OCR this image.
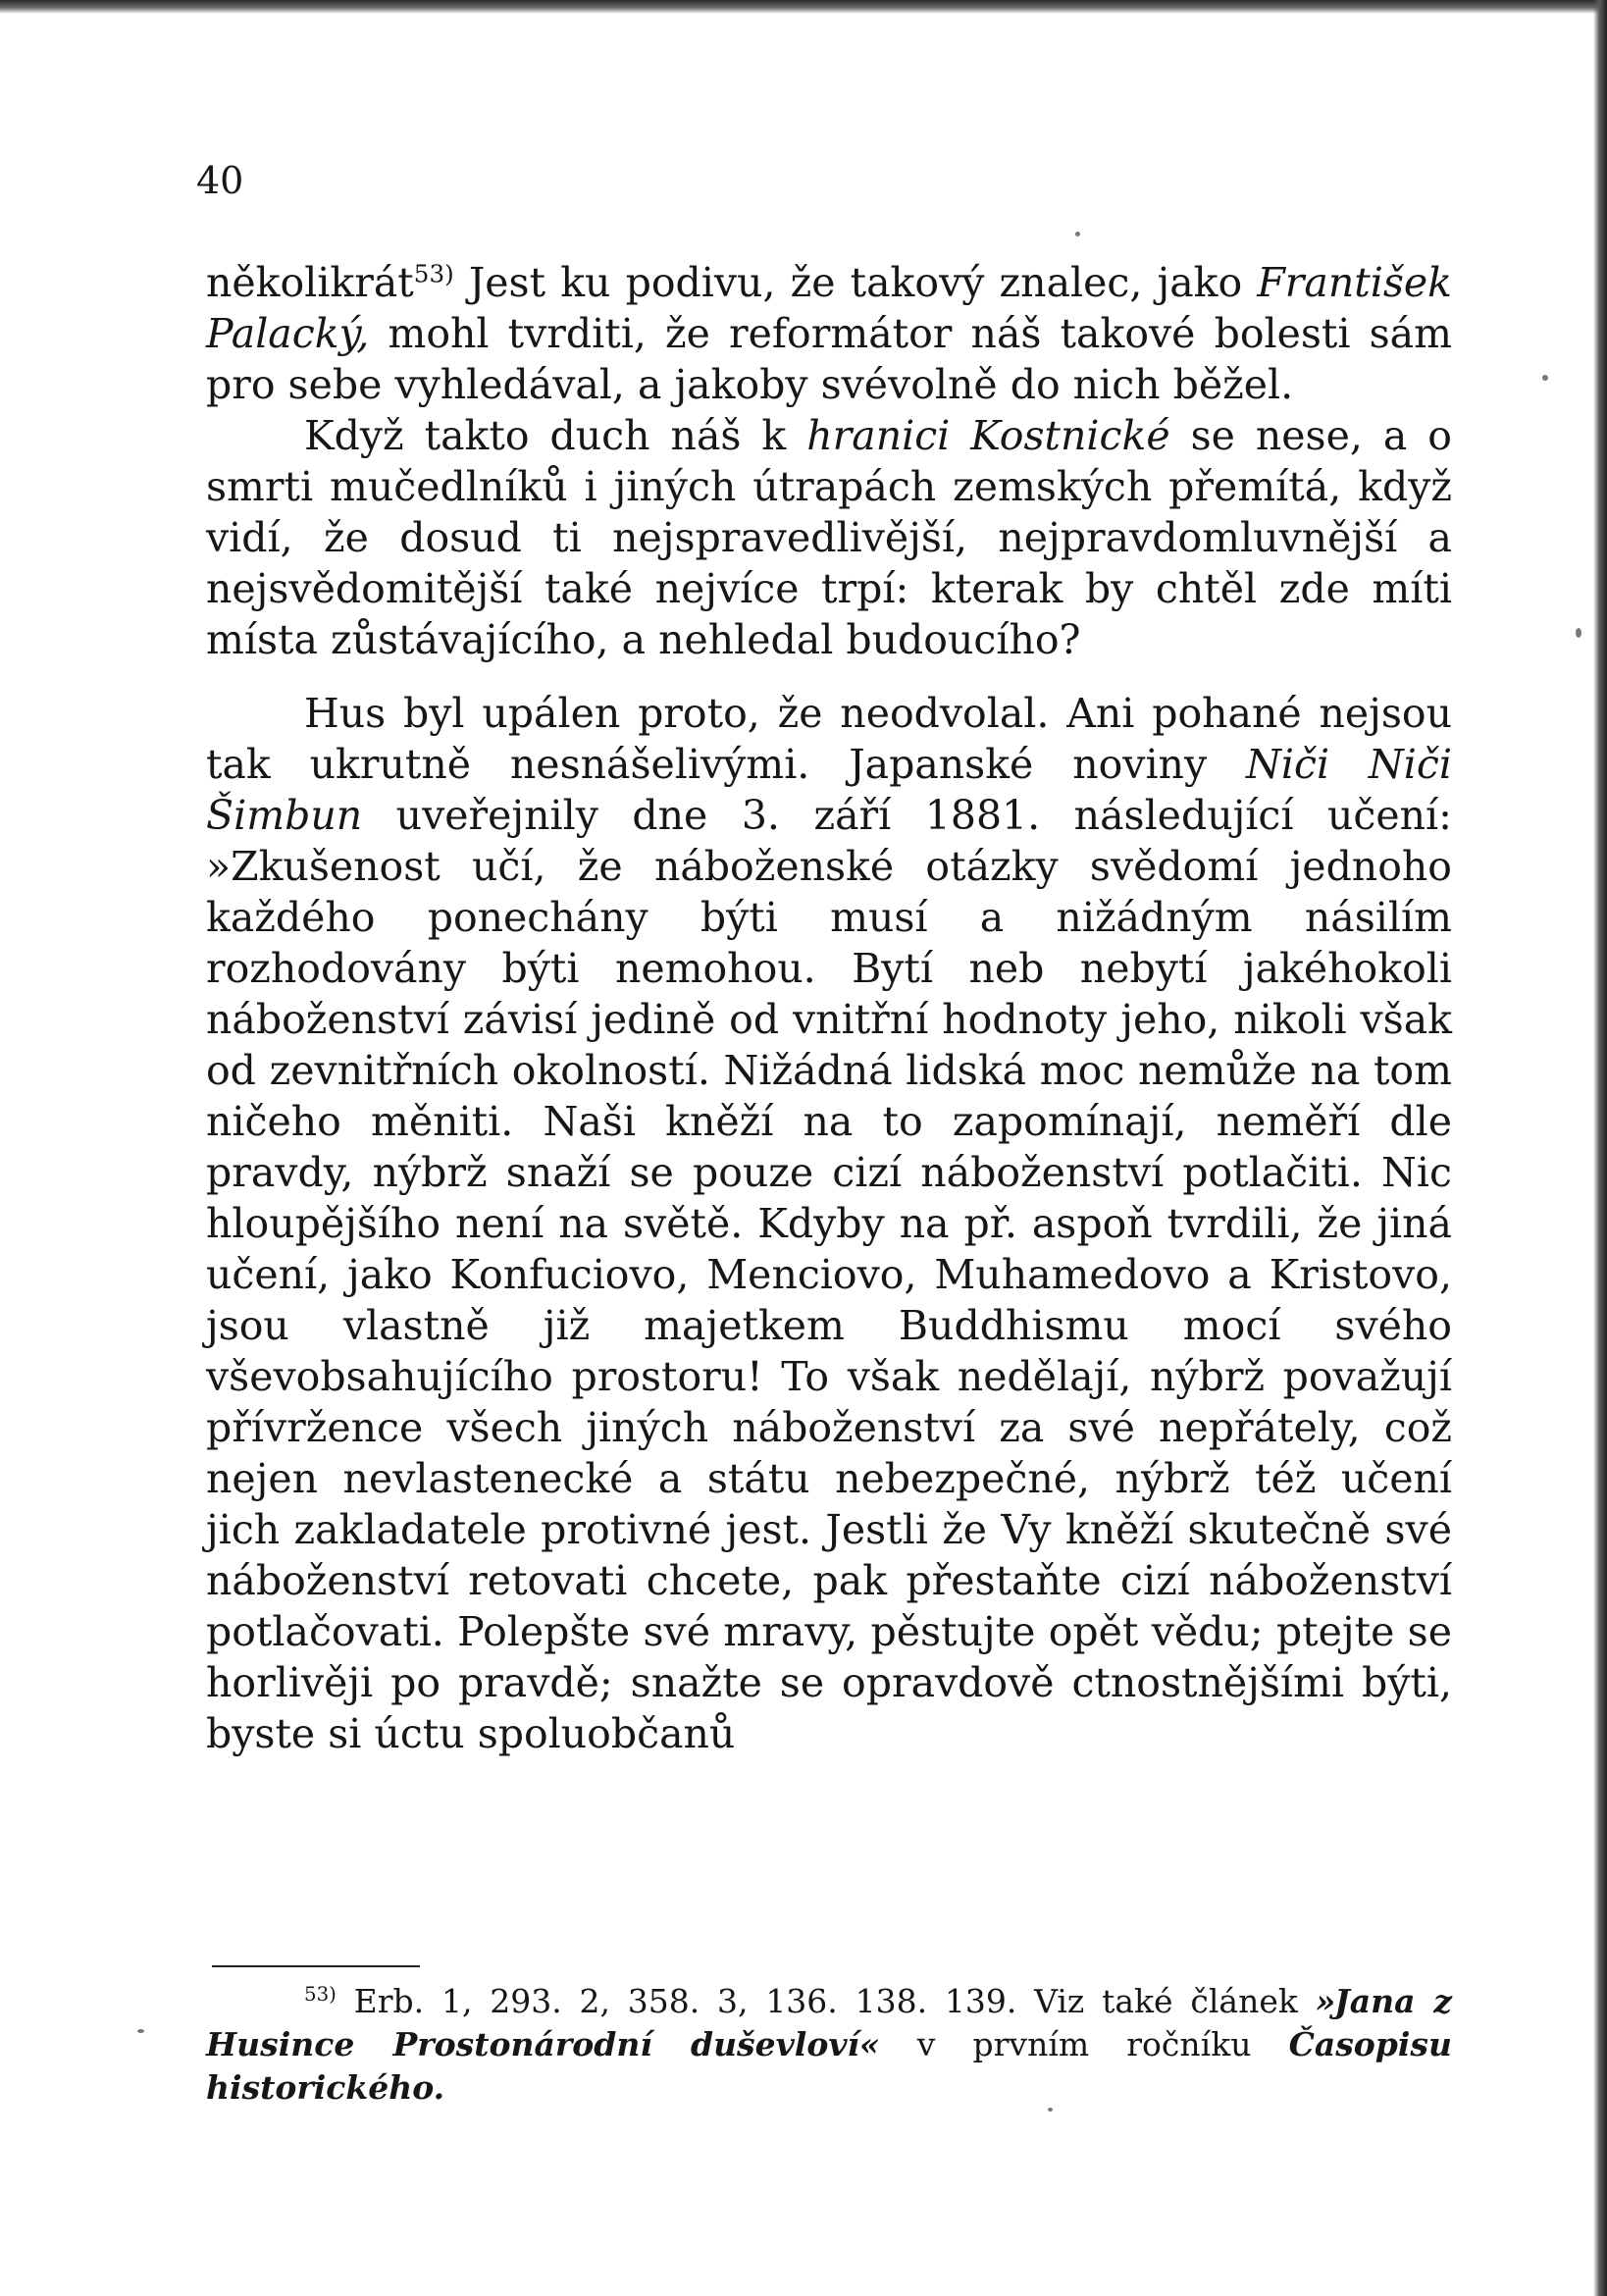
40

několikrát$^{53)}$ Jest ku podivu, že takový znalec, jako František Palacký, mohl tvrditi, že reformátor náš takové bolesti sám pro sebe vyhledával, a jakoby svévolně do nich běžel.

Když takto duch náš k hranici Kostnické se nese, a o smrti mučedlníků i jiných útrapách zemských přemítá, když vidí, že dosud ti nejspravedlivější, nejpravdomluvnější a nejsvědomitější také nejvíce trpí: kterak by chtěl zde míti místa zůstávajícího, a nehledal budoucího?

Hus byl upálen proto, že neodvolal. Ani pohané nejsou tak ukrutně nesnášelivými. Japanské noviny Niči Niči Šimbun uveřejnily dne 3. září 1881. následující učení: »Zkušenost učí, že náboženské otázky svědomí jednoho každého ponechány býti musí a nižádným násilím rozhodovány býti nemohou. Bytí neb nebytí jakéhokoli náboženství závisí jedině od vnitřní hodnoty jeho, nikoli však od zevnitřních okolností. Nižádná lidská moc nemůže na tom ničeho měniti. Naši kněží na to zapomínají, neměří dle pravdy, nýbrž snaží se pouze cizí náboženství potlačiti. Nic hloupějšího není na světě. Kdyby na př. aspoň tvrdili, že jiná učení, jako Konfuciovo, Menciovo, Muhamedovo a Kristovo, jsou vlastně již majetkem Buddhismu mocí svého vševobsahujícího prostoru! To však nedělají, nýbrž považují přívržence všech jiných náboženství za své nepřátely, což nejen nevlastenecké a státu nebezpečné, nýbrž též učení jich zakladatele protivné jest. Jestli že Vy kněží skutečně své náboženství retovati chcete, pak přestaňte cizí náboženství potlačovati. Polepšte své mravy, pěstujte opět vědu; ptejte se horlivěji po pravdě; snažte se opravdově ctnostnějšími býti, byste si úctu spoluobčanů

$^{53)}$ Erb. 1, 293. 2, 358. 3, 136. 138. 139. Viz také článek »Jana z Husince Prostonárodní duševloví« v prvním ročníku Časopisu historického.
